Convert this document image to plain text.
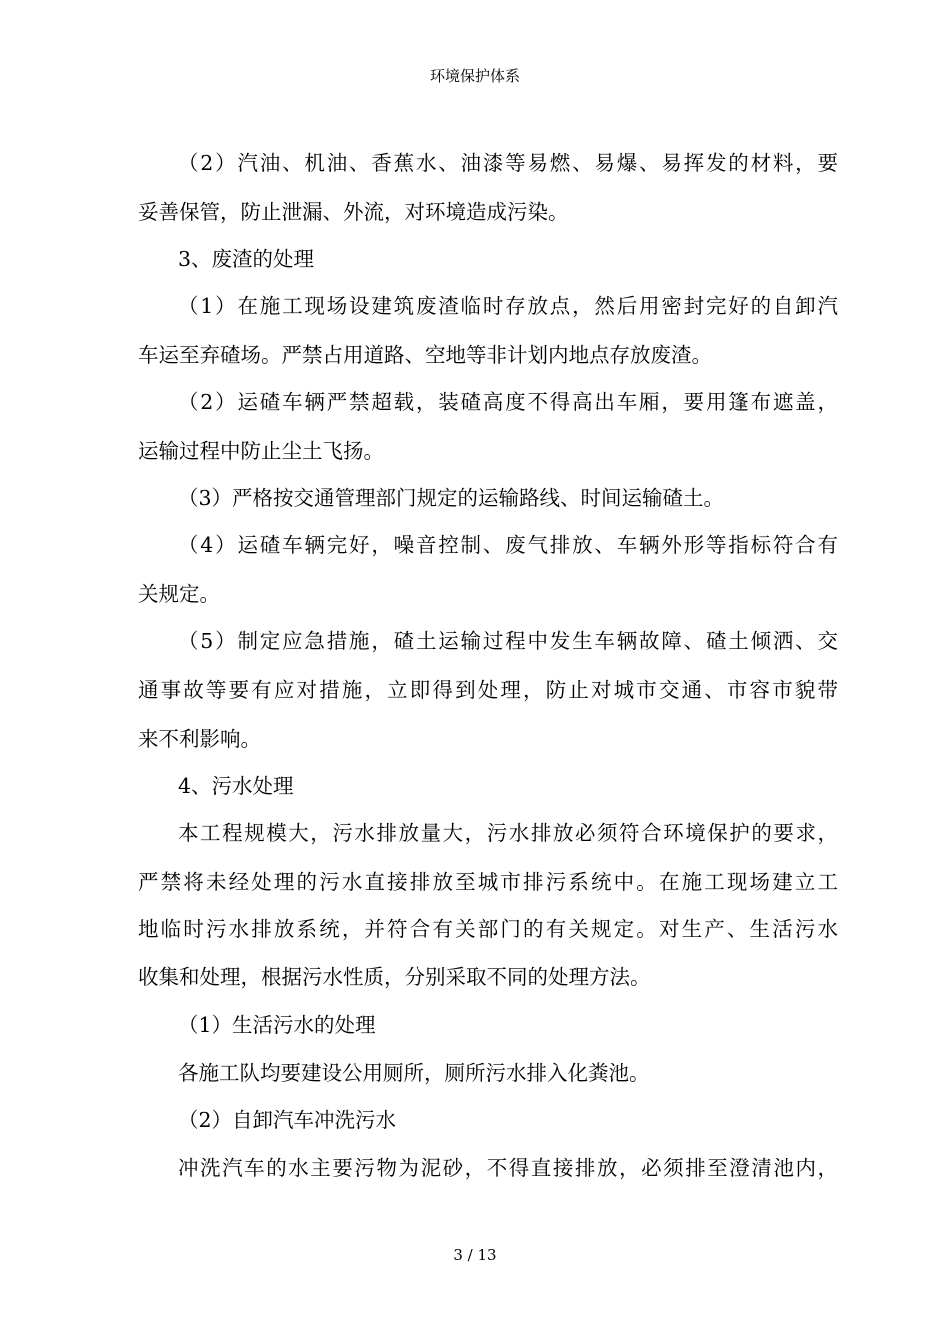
环境保护体系
（2）汽油、机油、香蕉水、油漆等易燃、易爆、易挥发的材料，要
妥善保管，防止泄漏、外流，对环境造成污染。
3、废渣的处理
（1）在施工现场设建筑废渣临时存放点，然后用密封完好的自卸汽
车运至弃碴场。严禁占用道路、空地等非计划内地点存放废渣。
（2）运碴车辆严禁超载，装碴高度不得高出车厢，要用篷布遮盖，
运输过程中防止尘土飞扬。
（3）严格按交通管理部门规定的运输路线、时间运输碴土。
（4）运碴车辆完好，噪音控制、废气排放、车辆外形等指标符合有
关规定。
（5）制定应急措施，碴土运输过程中发生车辆故障、碴土倾洒、交
通事故等要有应对措施，立即得到处理，防止对城市交通、市容市貌带
来不利影响。
4、污水处理
本工程规模大，污水排放量大，污水排放必须符合环境保护的要求，
严禁将未经处理的污水直接排放至城市排污系统中。在施工现场建立工
地临时污水排放系统，并符合有关部门的有关规定。对生产、生活污水
收集和处理，根据污水性质，分别采取不同的处理方法。
（1）生活污水的处理
各施工队均要建设公用厕所，厕所污水排入化粪池。
（2）自卸汽车冲洗污水
冲洗汽车的水主要污物为泥砂，不得直接排放，必须排至澄清池内，
3 / 13
